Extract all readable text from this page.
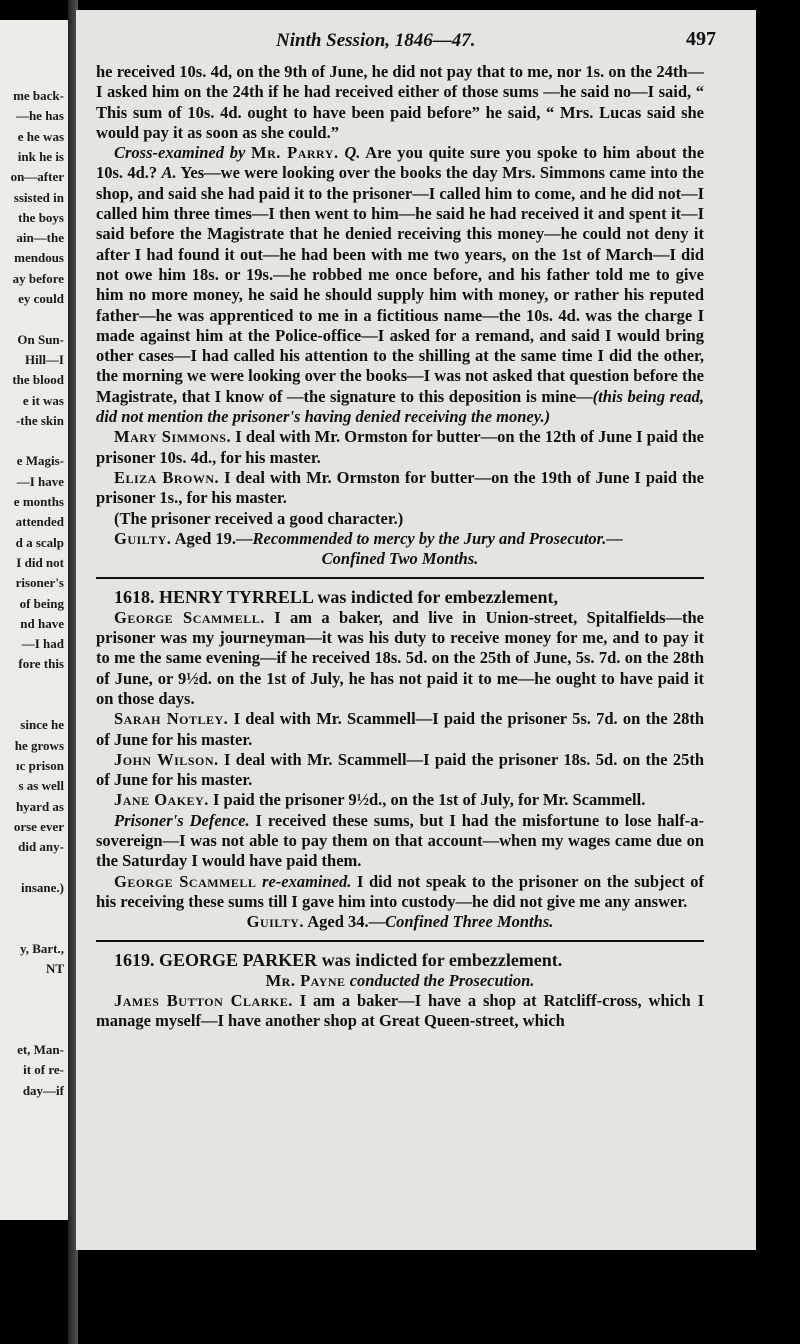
me back-
—he has
e he was
ink he is
on—after
ssisted in
the boys
ain—the
mendous
ay before
ey could
On Sun-
Hill—I
the blood
e it was
-the skin
e Magis-
—I have
e months
attended
d a scalp
I did not
risoner's
of being
nd have
—I had
fore this
since he
he grows
ıc prison
s as well
hyard as
orse ever
did any-
insane.)
y, Bart.,
NT
et, Man-
it of re-
day—if
Ninth Session, 1846—47.	497

he received 10s. 4d, on the 9th of June, he did not pay that to me, nor 1s. on the 24th—I asked him on the 24th if he had received either of those sums —he said no—I said, “ This sum of 10s. 4d. ought to have been paid before” he said, “ Mrs. Lucas said she would pay it as soon as she could.”

Cross-examined by Mr. Parry. Q. Are you quite sure you spoke to him about the 10s. 4d.? A. Yes—we were looking over the books the day Mrs. Simmons came into the shop, and said she had paid it to the prisoner—I called him to come, and he did not—I called him three times—I then went to him—he said he had received it and spent it—I said before the Magistrate that he denied receiving this money—he could not deny it after I had found it out—he had been with me two years, on the 1st of March—I did not owe him 18s. or 19s.—he robbed me once before, and his father told me to give him no more money, he said he should supply him with money, or rather his reputed father—he was apprenticed to me in a fictitious name—the 10s. 4d. was the charge I made against him at the Police-office—I asked for a remand, and said I would bring other cases—I had called his attention to the shilling at the same time I did the other, the morning we were looking over the books—I was not asked that question before the Magistrate, that I know of —the signature to this deposition is mine—(this being read, did not mention the prisoner's having denied receiving the money.)

Mary Simmons. I deal with Mr. Ormston for butter—on the 12th of June I paid the prisoner 10s. 4d., for his master.

Eliza Brown. I deal with Mr. Ormston for butter—on the 19th of June I paid the prisoner 1s., for his master.

(The prisoner received a good character.)

Guilty. Aged 19.—Recommended to mercy by the Jury and Prosecutor.—

Confined Two Months.

1618. HENRY TYRRELL was indicted for embezzlement,

George Scammell. I am a baker, and live in Union-street, Spitalfields—the prisoner was my journeyman—it was his duty to receive money for me, and to pay it to me the same evening—if he received 18s. 5d. on the 25th of June, 5s. 7d. on the 28th of June, or 9½d. on the 1st of July, he has not paid it to me—he ought to have paid it on those days.

Sarah Notley. I deal with Mr. Scammell—I paid the prisoner 5s. 7d. on the 28th of June for his master.

John Wilson. I deal with Mr. Scammell—I paid the prisoner 18s. 5d. on the 25th of June for his master.

Jane Oakey. I paid the prisoner 9½d., on the 1st of July, for Mr. Scammell.

Prisoner's Defence. I received these sums, but I had the misfortune to lose half-a-sovereign—I was not able to pay them on that account—when my wages came due on the Saturday I would have paid them.

George Scammell re-examined. I did not speak to the prisoner on the subject of his receiving these sums till I gave him into custody—he did not give me any answer.

Guilty. Aged 34.—Confined Three Months.

1619. GEORGE PARKER was indicted for embezzlement.

Mr. Payne conducted the Prosecution.

James Button Clarke. I am a baker—I have a shop at Ratcliff-cross, which I manage myself—I have another shop at Great Queen-street, which
